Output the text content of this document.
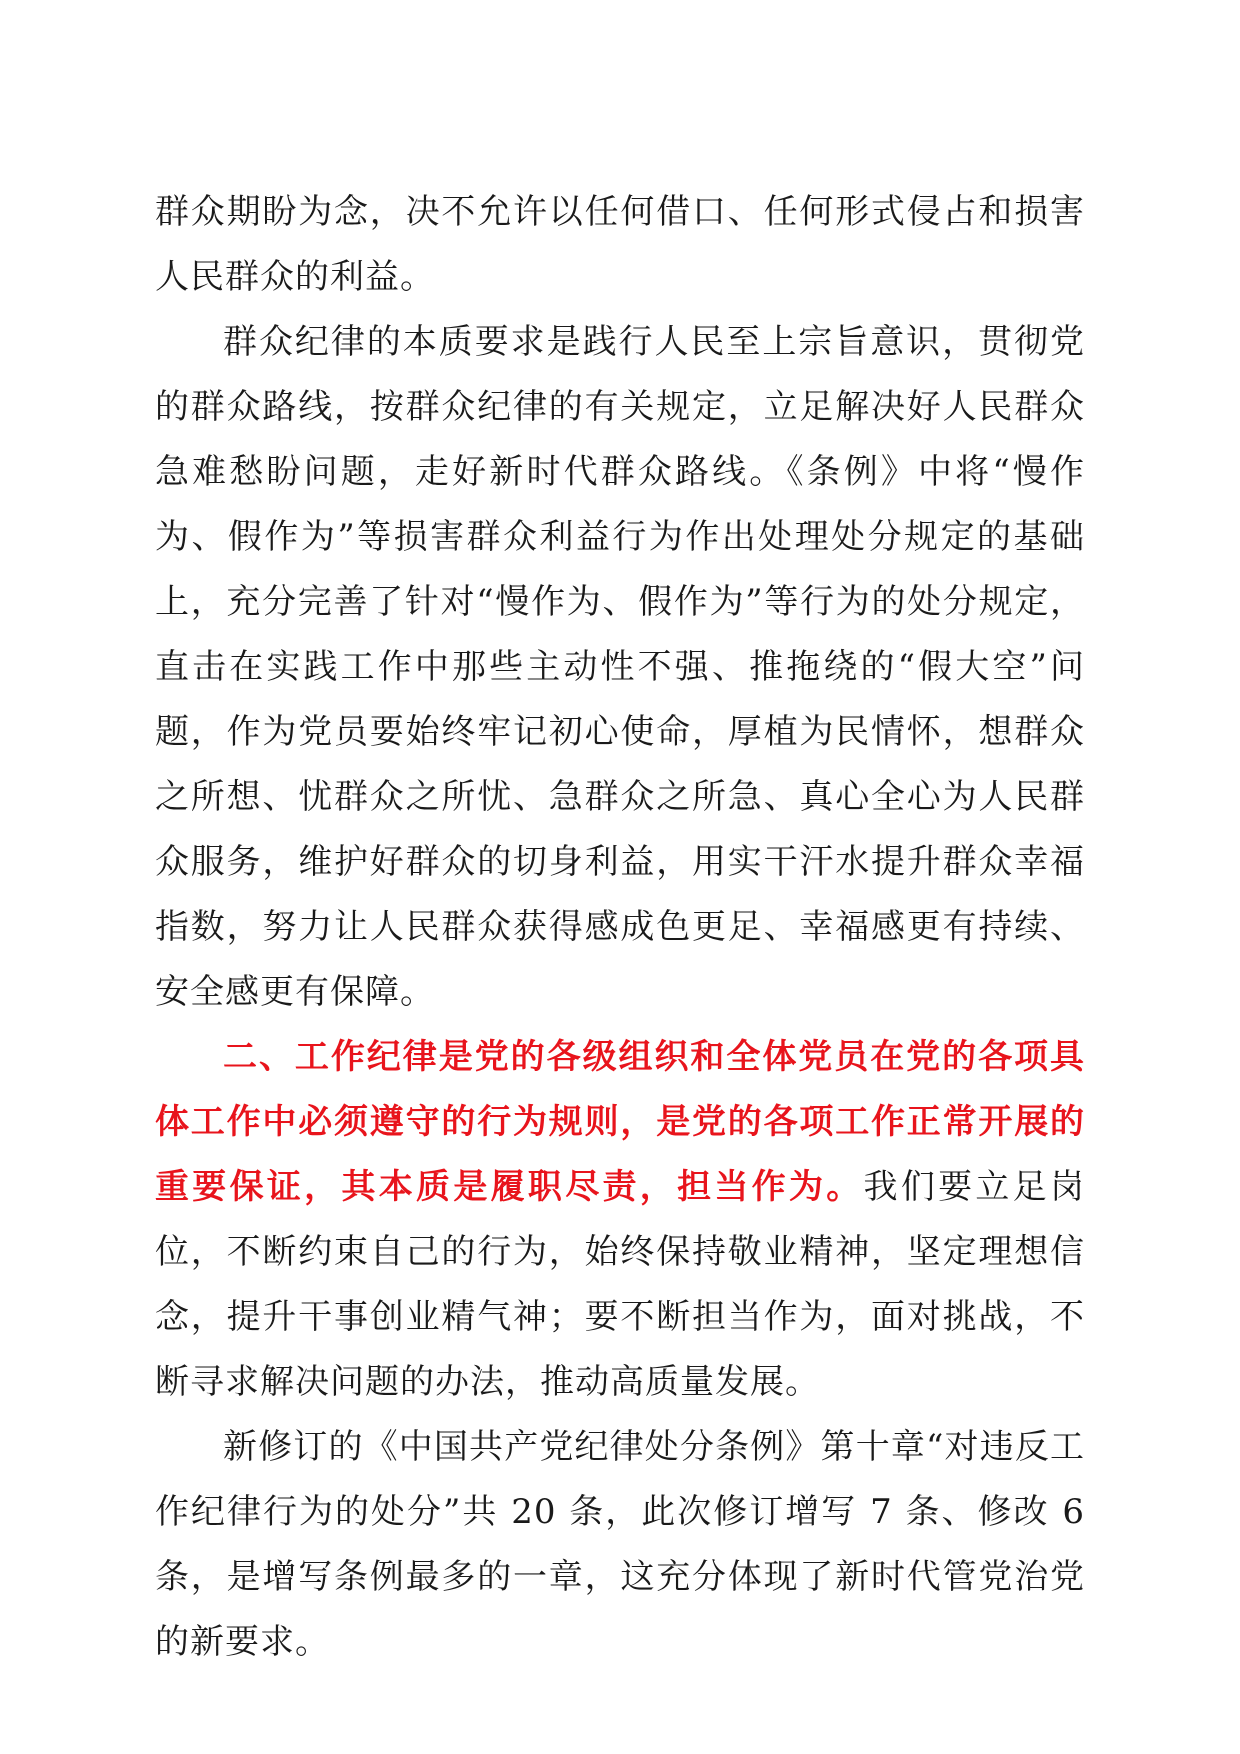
群众期盼为念，决不允许以任何借口、任何形式侵占和损害人民群众的利益。

群众纪律的本质要求是践行人民至上宗旨意识，贯彻党的群众路线，按群众纪律的有关规定，立足解决好人民群众急难愁盼问题，走好新时代群众路线。《条例》中将“慢作为、假作为”等损害群众利益行为作出处理处分规定的基础上，充分完善了针对“慢作为、假作为”等行为的处分规定，直击在实践工作中那些主动性不强、推拖绕的“假大空”问题，作为党员要始终牢记初心使命，厚植为民情怀，想群众之所想、忧群众之所忧、急群众之所急、真心全心为人民群众服务，维护好群众的切身利益，用实干汗水提升群众幸福指数，努力让人民群众获得感成色更足、幸福感更有持续、安全感更有保障。

二、工作纪律是党的各级组织和全体党员在党的各项具体工作中必须遵守的行为规则，是党的各项工作正常开展的重要保证，其本质是履职尽责，担当作为。我们要立足岗位，不断约束自己的行为，始终保持敬业精神，坚定理想信念，提升干事创业精气神；要不断担当作为，面对挑战，不断寻求解决问题的办法，推动高质量发展。

新修订的《中国共产党纪律处分条例》第十章“对违反工作纪律行为的处分”共 20 条，此次修订增写 7 条、修改 6 条，是增写条例最多的一章，这充分体现了新时代管党治党的新要求。
